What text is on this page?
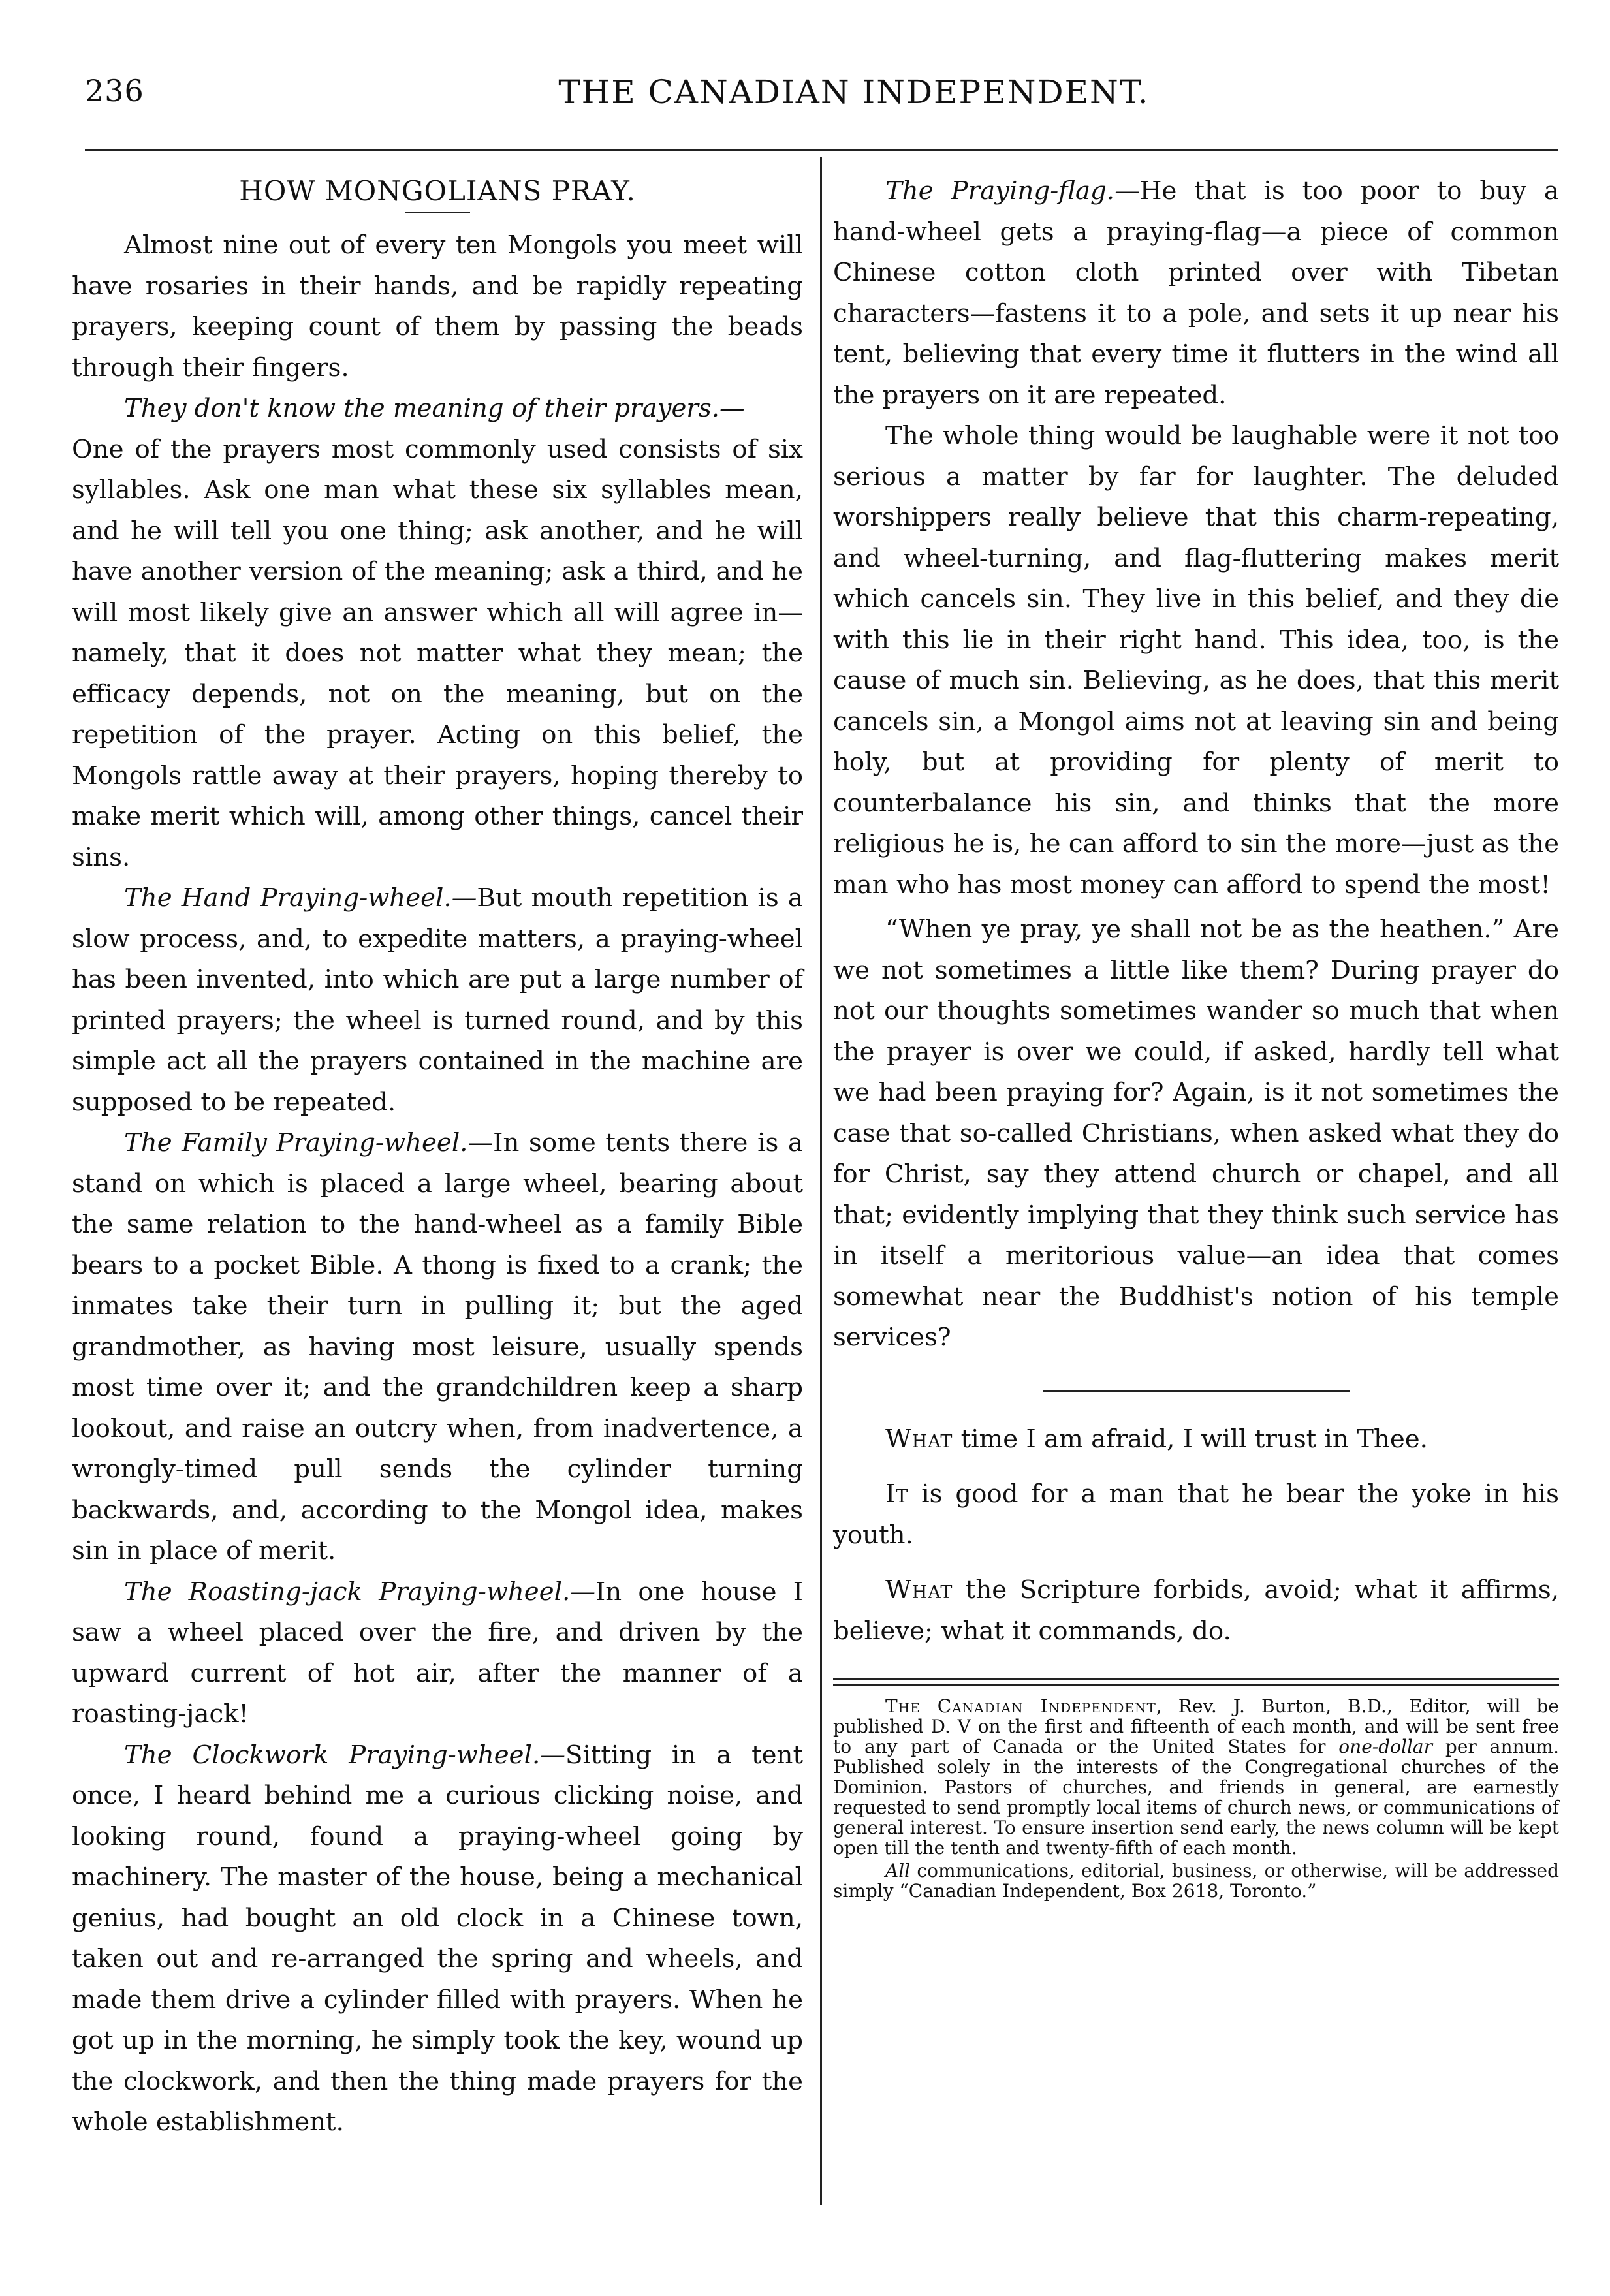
236	THE CANADIAN INDEPENDENT.

HOW MONGOLIANS PRAY.

Almost nine out of every ten Mongols you meet will have rosaries in their hands, and be rapidly repeating prayers, keeping count of them by passing the beads through their fingers.

They don't know the meaning of their prayers.—
One of the prayers most commonly used consists of six syllables. Ask one man what these six syllables mean, and he will tell you one thing; ask another, and he will have another version of the meaning; ask a third, and he will most likely give an answer which all will agree in—namely, that it does not matter what they mean; the efficacy depends, not on the meaning, but on the repetition of the prayer. Acting on this belief, the Mongols rattle away at their prayers, hoping thereby to make merit which will, among other things, cancel their sins.

The Hand Praying-wheel.—But mouth repetition is a slow process, and, to expedite matters, a praying-wheel has been invented, into which are put a large number of printed prayers; the wheel is turned round, and by this simple act all the prayers contained in the machine are supposed to be repeated.

The Family Praying-wheel.—In some tents there is a stand on which is placed a large wheel, bearing about the same relation to the hand-wheel as a family Bible bears to a pocket Bible. A thong is fixed to a crank; the inmates take their turn in pulling it; but the aged grandmother, as having most leisure, usually spends most time over it; and the grandchildren keep a sharp lookout, and raise an outcry when, from inadvertence, a wrongly-timed pull sends the cylinder turning backwards, and, according to the Mongol idea, makes sin in place of merit.

The Roasting-jack Praying-wheel.—In one house I saw a wheel placed over the fire, and driven by the upward current of hot air, after the manner of a roasting-jack!

The Clockwork Praying-wheel.—Sitting in a tent once, I heard behind me a curious clicking noise, and looking round, found a praying-wheel going by machinery. The master of the house, being a mechanical genius, had bought an old clock in a Chinese town, taken out and re-arranged the spring and wheels, and made them drive a cylinder filled with prayers. When he got up in the morning, he simply took the key, wound up the clockwork, and then the thing made prayers for the whole establishment.

The Praying-flag.—He that is too poor to buy a hand-wheel gets a praying-flag—a piece of common Chinese cotton cloth printed over with Tibetan characters—fastens it to a pole, and sets it up near his tent, believing that every time it flutters in the wind all the prayers on it are repeated.

The whole thing would be laughable were it not too serious a matter by far for laughter. The deluded worshippers really believe that this charm-repeating, and wheel-turning, and flag-fluttering makes merit which cancels sin. They live in this belief, and they die with this lie in their right hand. This idea, too, is the cause of much sin. Believing, as he does, that this merit cancels sin, a Mongol aims not at leaving sin and being holy, but at providing for plenty of merit to counterbalance his sin, and thinks that the more religious he is, he can afford to sin the more—just as the man who has most money can afford to spend the most!

“When ye pray, ye shall not be as the heathen.” Are we not sometimes a little like them? During prayer do not our thoughts sometimes wander so much that when the prayer is over we could, if asked, hardly tell what we had been praying for? Again, is it not sometimes the case that so-called Christians, when asked what they do for Christ, say they attend church or chapel, and all that; evidently implying that they think such service has in itself a meritorious value—an idea that comes somewhat near the Buddhist's notion of his temple services?

What time I am afraid, I will trust in Thee.

It is good for a man that he bear the yoke in his youth.

What the Scripture forbids, avoid; what it affirms, believe; what it commands, do.

The Canadian Independent, Rev. J. Burton, B.D., Editor, will be published D. V on the first and fifteenth of each month, and will be sent free to any part of Canada or the United States for one-dollar per annum. Published solely in the interests of the Congregational churches of the Dominion. Pastors of churches, and friends in general, are earnestly requested to send promptly local items of church news, or communications of general interest. To ensure insertion send early, the news column will be kept open till the tenth and twenty-fifth of each month.

All communications, editorial, business, or otherwise, will be addressed simply “Canadian Independent, Box 2618, Toronto.”
